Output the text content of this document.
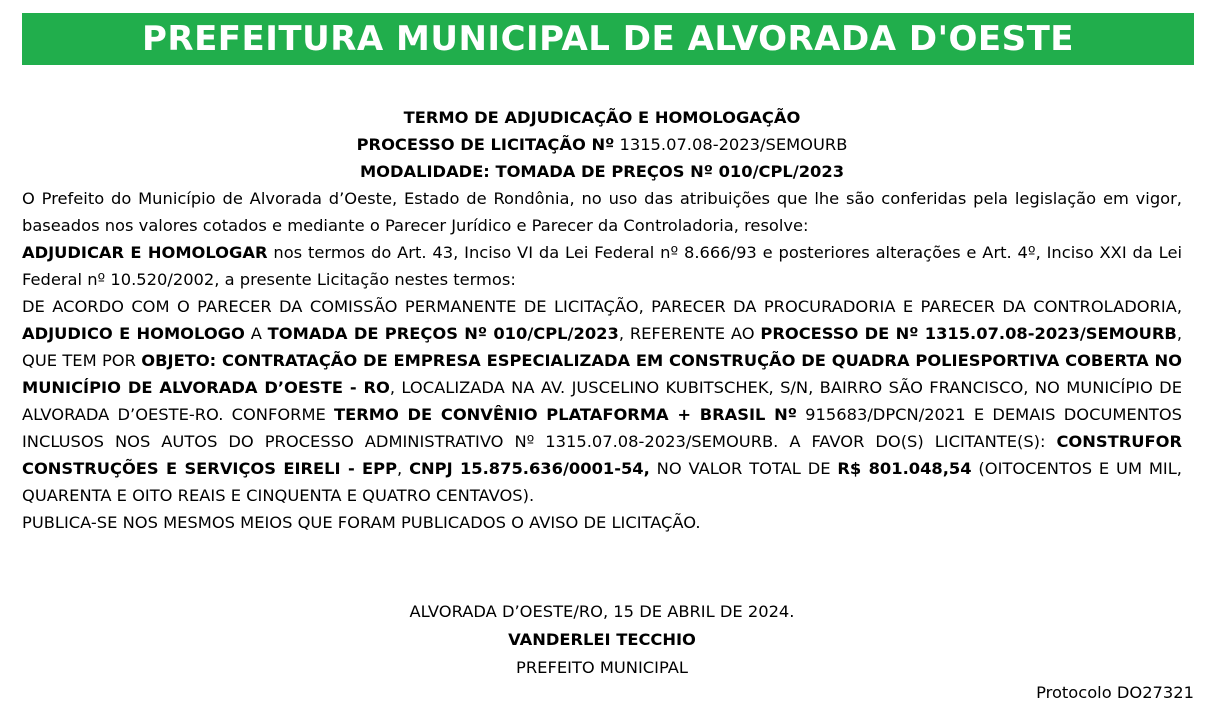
PREFEITURA MUNICIPAL DE ALVORADA D'OESTE
TERMO DE ADJUDICAÇÃO E HOMOLOGAÇÃO
PROCESSO DE LICITAÇÃO Nº 1315.07.08-2023/SEMOURB
MODALIDADE: TOMADA DE PREÇOS Nº 010/CPL/2023

O Prefeito do Município de Alvorada d’Oeste, Estado de Rondônia, no uso das atribuições que lhe são conferidas pela legislação em vigor, baseados nos valores cotados e mediante o Parecer Jurídico e Parecer da Controladoria, resolve:

ADJUDICAR E HOMOLOGAR nos termos do Art. 43, Inciso VI da Lei Federal nº 8.666/93 e posteriores alterações e Art. 4º, Inciso XXI da Lei Federal nº 10.520/2002, a presente Licitação nestes termos:

DE ACORDO COM O PARECER DA COMISSÃO PERMANENTE DE LICITAÇÃO, PARECER DA PROCURADORIA E PARECER DA CONTROLADORIA, ADJUDICO E HOMOLOGO A TOMADA DE PREÇOS Nº 010/CPL/2023, REFERENTE AO PROCESSO DE Nº 1315.07.08-2023/SEMOURB, QUE TEM POR OBJETO: CONTRATAÇÃO DE EMPRESA ESPECIALIZADA EM CONSTRUÇÃO DE QUADRA POLIESPORTIVA COBERTA NO MUNICÍPIO DE ALVORADA D’OESTE - RO, LOCALIZADA NA AV. JUSCELINO KUBITSCHEK, S/N, BAIRRO SÃO FRANCISCO, NO MUNICÍPIO DE ALVORADA D’OESTE-RO. CONFORME TERMO DE CONVÊNIO PLATAFORMA + BRASIL Nº 915683/DPCN/2021 E DEMAIS DOCUMENTOS INCLUSOS NOS AUTOS DO PROCESSO ADMINISTRATIVO Nº 1315.07.08-2023/SEMOURB. A FAVOR DO(S) LICITANTE(S): CONSTRUFOR CONSTRUÇÕES E SERVIÇOS EIRELI - EPP, CNPJ 15.875.636/0001-54, NO VALOR TOTAL DE R$ 801.048,54 (OITOCENTOS E UM MIL, QUARENTA E OITO REAIS E CINQUENTA E QUATRO CENTAVOS).

PUBLICA-SE NOS MESMOS MEIOS QUE FORAM PUBLICADOS O AVISO DE LICITAÇÃO.

ALVORADA D’OESTE/RO, 15 DE ABRIL DE 2024.
VANDERLEI TECCHIO
PREFEITO MUNICIPAL
Protocolo DO27321
